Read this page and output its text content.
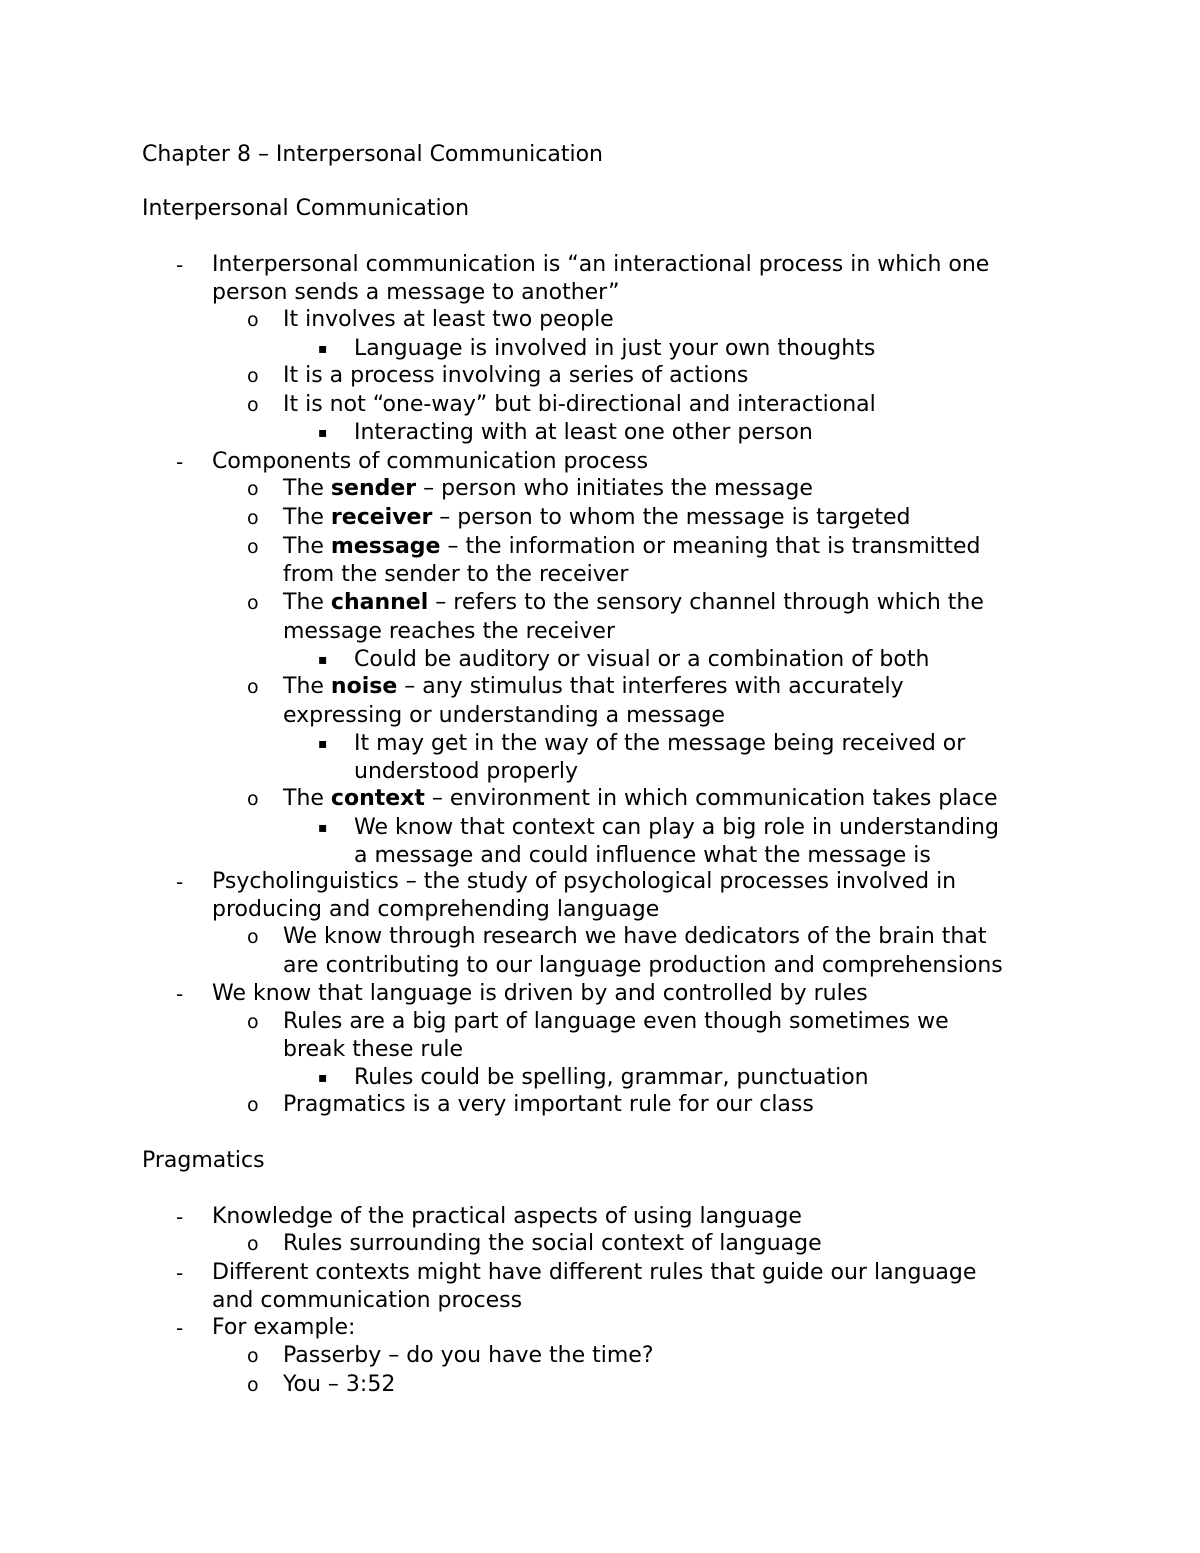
Chapter 8 – Interpersonal Communication
Interpersonal Communication
- Interpersonal communication is “an interactional process in which one
person sends a message to another”
o It involves at least two people
▪ Language is involved in just your own thoughts
o It is a process involving a series of actions
o It is not “one-way” but bi-directional and interactional
▪ Interacting with at least one other person
- Components of communication process
o The sender – person who initiates the message
o The receiver – person to whom the message is targeted
o The message – the information or meaning that is transmitted
from the sender to the receiver
o The channel – refers to the sensory channel through which the
message reaches the receiver
▪ Could be auditory or visual or a combination of both
o The noise – any stimulus that interferes with accurately
expressing or understanding a message
▪ It may get in the way of the message being received or
understood properly
o The context – environment in which communication takes place
▪ We know that context can play a big role in understanding
a message and could influence what the message is
- Psycholinguistics – the study of psychological processes involved in
producing and comprehending language
o We know through research we have dedicators of the brain that
are contributing to our language production and comprehensions
- We know that language is driven by and controlled by rules
o Rules are a big part of language even though sometimes we
break these rule
▪ Rules could be spelling, grammar, punctuation
o Pragmatics is a very important rule for our class
Pragmatics
- Knowledge of the practical aspects of using language
o Rules surrounding the social context of language
- Different contexts might have different rules that guide our language
and communication process
- For example:
o Passerby – do you have the time?
o You – 3:52
